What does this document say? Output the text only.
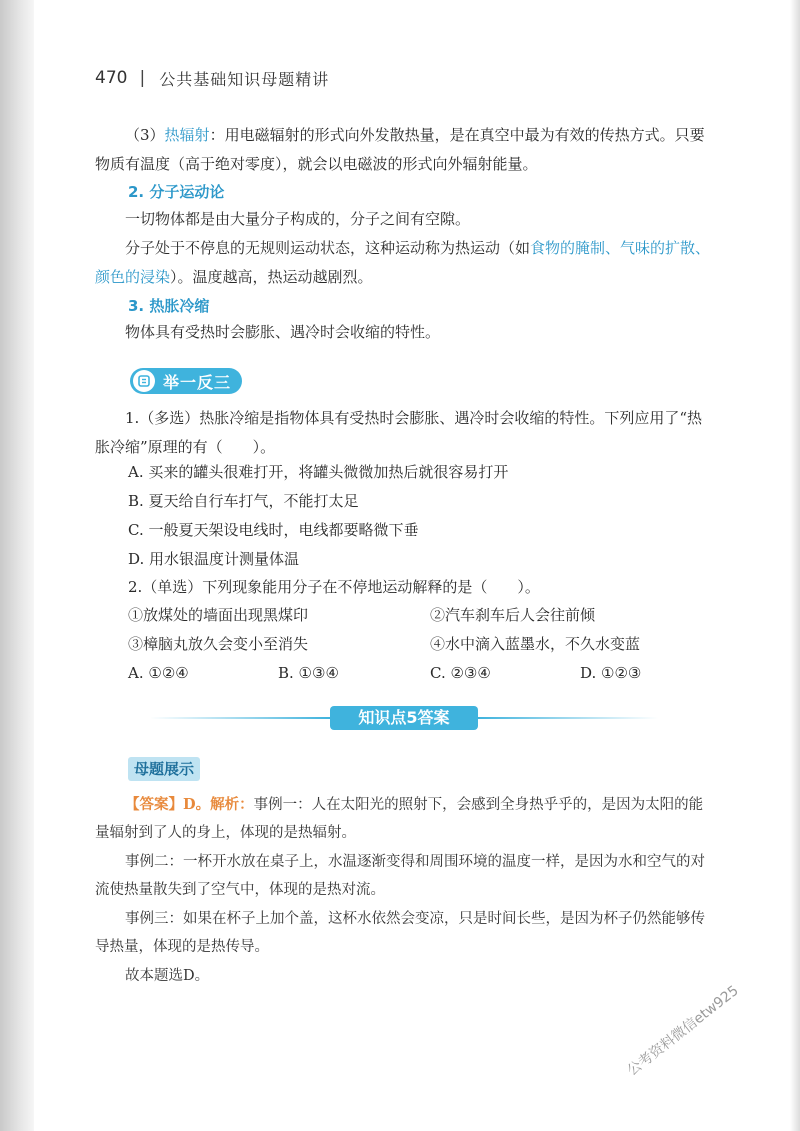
470 | 公共基础知识母题精讲

（3）热辐射：用电磁辐射的形式向外发散热量，是在真空中最为有效的传热方式。只要物质有温度（高于绝对零度），就会以电磁波的形式向外辐射能量。

2. 分子运动论

一切物体都是由大量分子构成的，分子之间有空隙。

分子处于不停息的无规则运动状态，这种运动称为热运动（如食物的腌制、气味的扩散、颜色的浸染）。温度越高，热运动越剧烈。

3. 热胀冷缩

物体具有受热时会膨胀、遇冷时会收缩的特性。

举一反三

1.（多选）热胀冷缩是指物体具有受热时会膨胀、遇冷时会收缩的特性。下列应用了“热胀冷缩”原理的有（　　）。

A. 买来的罐头很难打开，将罐头微微加热后就很容易打开
B. 夏天给自行车打气，不能打太足
C. 一般夏天架设电线时，电线都要略微下垂
D. 用水银温度计测量体温
2.（单选）下列现象能用分子在不停地运动解释的是（　　）。
①放煤处的墙面出现黑煤印	②汽车刹车后人会往前倾
③樟脑丸放久会变小至消失	④水中滴入蓝墨水，不久水变蓝
A. ①②④	B. ①③④	C. ②③④	D. ①②③
知识点5答案
母题展示

【答案】D。解析：事例一：人在太阳光的照射下，会感到全身热乎乎的，是因为太阳的能量辐射到了人的身上，体现的是热辐射。

事例二：一杯开水放在桌子上，水温逐渐变得和周围环境的温度一样，是因为水和空气的对流使热量散失到了空气中，体现的是热对流。

事例三：如果在杯子上加个盖，这杯水依然会变凉，只是时间长些，是因为杯子仍然能够传导热量，体现的是热传导。

故本题选D。

公考资料微信etw925
